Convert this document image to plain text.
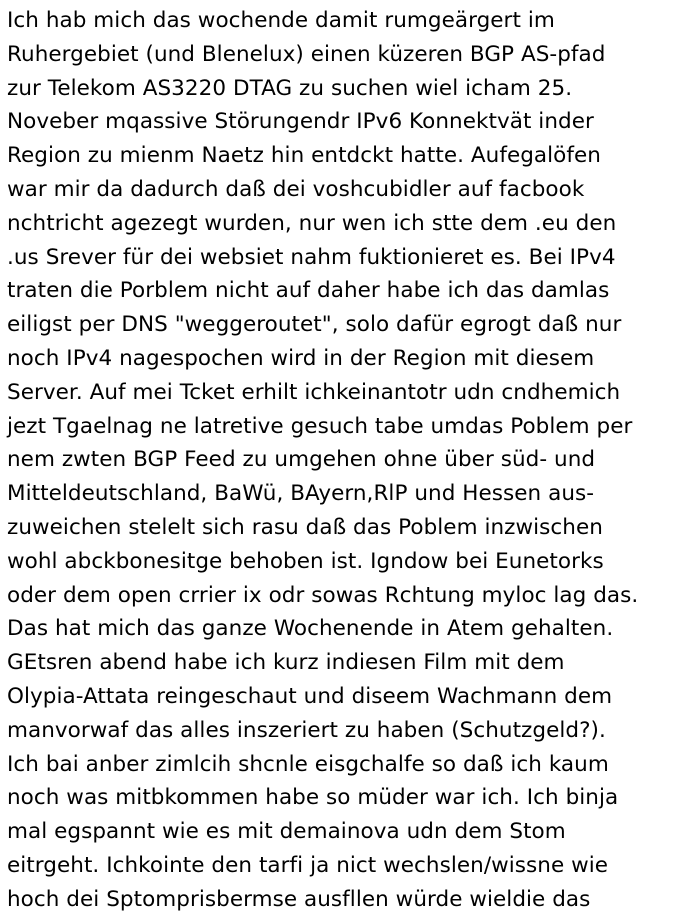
Ich hab mich das wochende damit rumgeärgert im
Ruhergebiet (und Blenelux) einen küzeren BGP AS-pfad
zur Telekom AS3220 DTAG zu suchen wiel icham 25.
Noveber mqassive Störungendr IPv6 Konnektvät inder
Region zu mienm Naetz hin entdckt hatte. Aufegalöfen
war mir da dadurch daß dei voshcubidler auf facbook
nchtricht agezegt wurden, nur wen ich stte dem .eu den
.us Srever für dei websiet nahm fuktionieret es. Bei IPv4
traten die Porblem nicht auf daher habe ich das damlas
eiligst per DNS "weggeroutet", solo dafür egrogt daß nur
noch IPv4 nagespochen wird in der Region mit diesem
Server. Auf mei Tcket erhilt ichkeinantotr udn cndhemich
jezt Tgaelnag ne latretive gesuch tabe umdas Poblem per
nem zwten BGP Feed zu umgehen ohne über süd- und
Mitteldeutschland, BaWü, BAyern,RlP und Hessen aus-
zuweichen stelelt sich rasu daß das Poblem inzwischen
wohl abckbonesitge behoben ist. Igndow bei Eunetorks
oder dem open crrier ix odr sowas Rchtung myloc lag das.
Das hat mich das ganze Wochenende in Atem gehalten.
GEtsren abend habe ich kurz indiesen Film mit dem
Olypia-Attata reingeschaut und diseem Wachmann dem
manvorwaf das alles inszeriert zu haben (Schutzgeld?).
Ich bai anber zimlcih shcnle eisgchalfe so daß ich kaum
noch was mitbkommen habe so müder war ich. Ich binja
mal egspannt wie es mit demainova udn dem Stom
eitrgeht. Ichkointe den tarfi ja nict wechslen/wissne wie
hoch dei Sptomprisbermse ausfllen würde wieldie das
